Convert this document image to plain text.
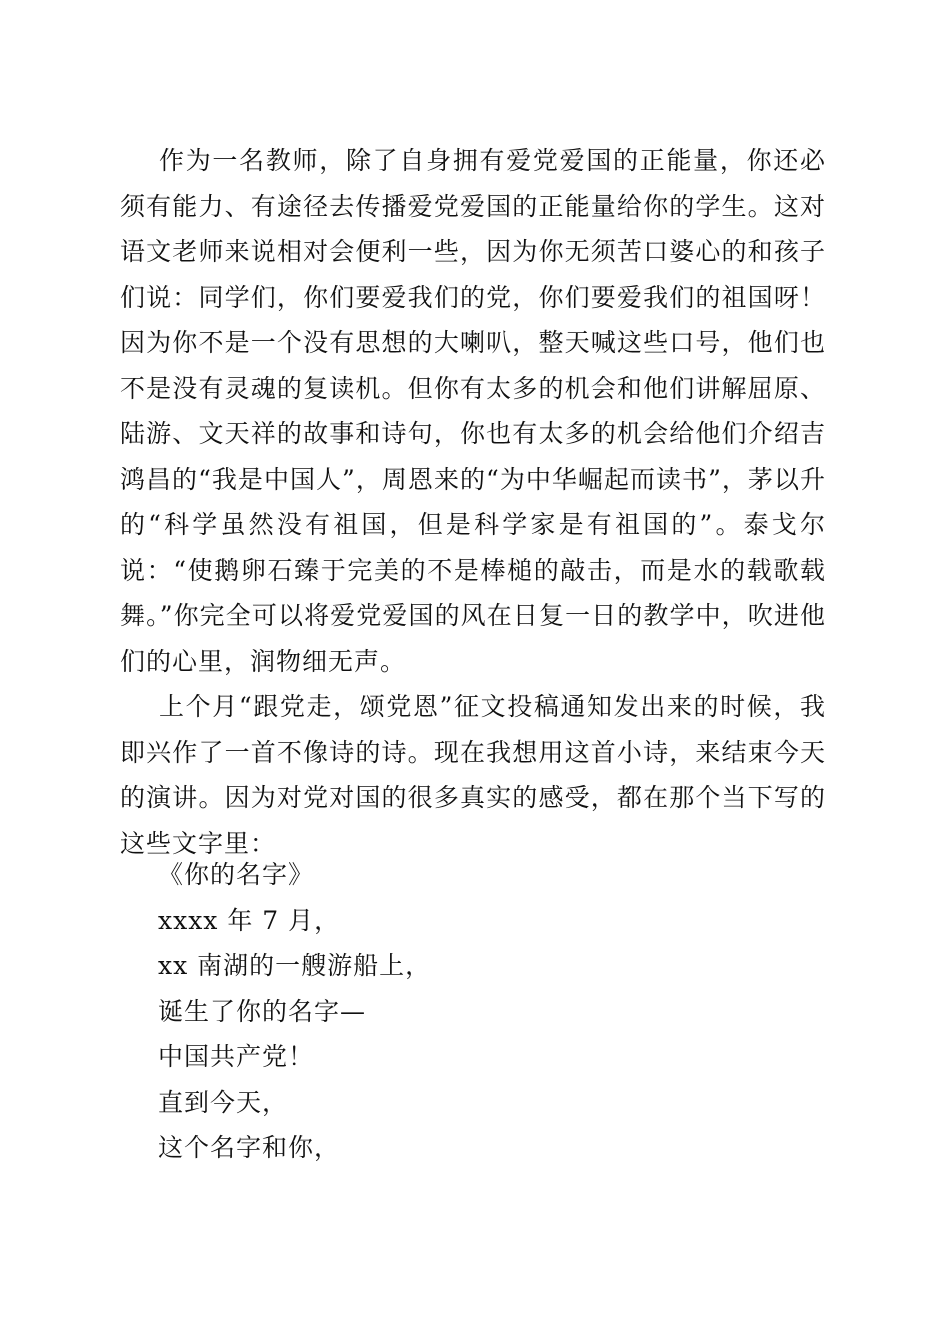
作为一名教师，除了自身拥有爱党爱国的正能量，你还必须有能力、有途径去传播爱党爱国的正能量给你的学生。这对语文老师来说相对会便利一些，因为你无须苦口婆心的和孩子们说：同学们，你们要爱我们的党，你们要爱我们的祖国呀！因为你不是一个没有思想的大喇叭，整天喊这些口号，他们也不是没有灵魂的复读机。但你有太多的机会和他们讲解屈原、陆游、文天祥的故事和诗句，你也有太多的机会给他们介绍吉鸿昌的“我是中国人”，周恩来的“为中华崛起而读书”，茅以升的“科学虽然没有祖国，但是科学家是有祖国的”。泰戈尔说：“使鹅卵石臻于完美的不是棒槌的敲击，而是水的载歌载舞。”你完全可以将爱党爱国的风在日复一日的教学中，吹进他们的心里，润物细无声。

上个月“跟党走，颂党恩”征文投稿通知发出来的时候，我即兴作了一首不像诗的诗。现在我想用这首小诗，来结束今天的演讲。因为对党对国的很多真实的感受，都在那个当下写的这些文字里：

《你的名字》

xxxx 年 7 月，

xx 南湖的一艘游船上，

诞生了你的名字—

中国共产党！

直到今天，

这个名字和你，
